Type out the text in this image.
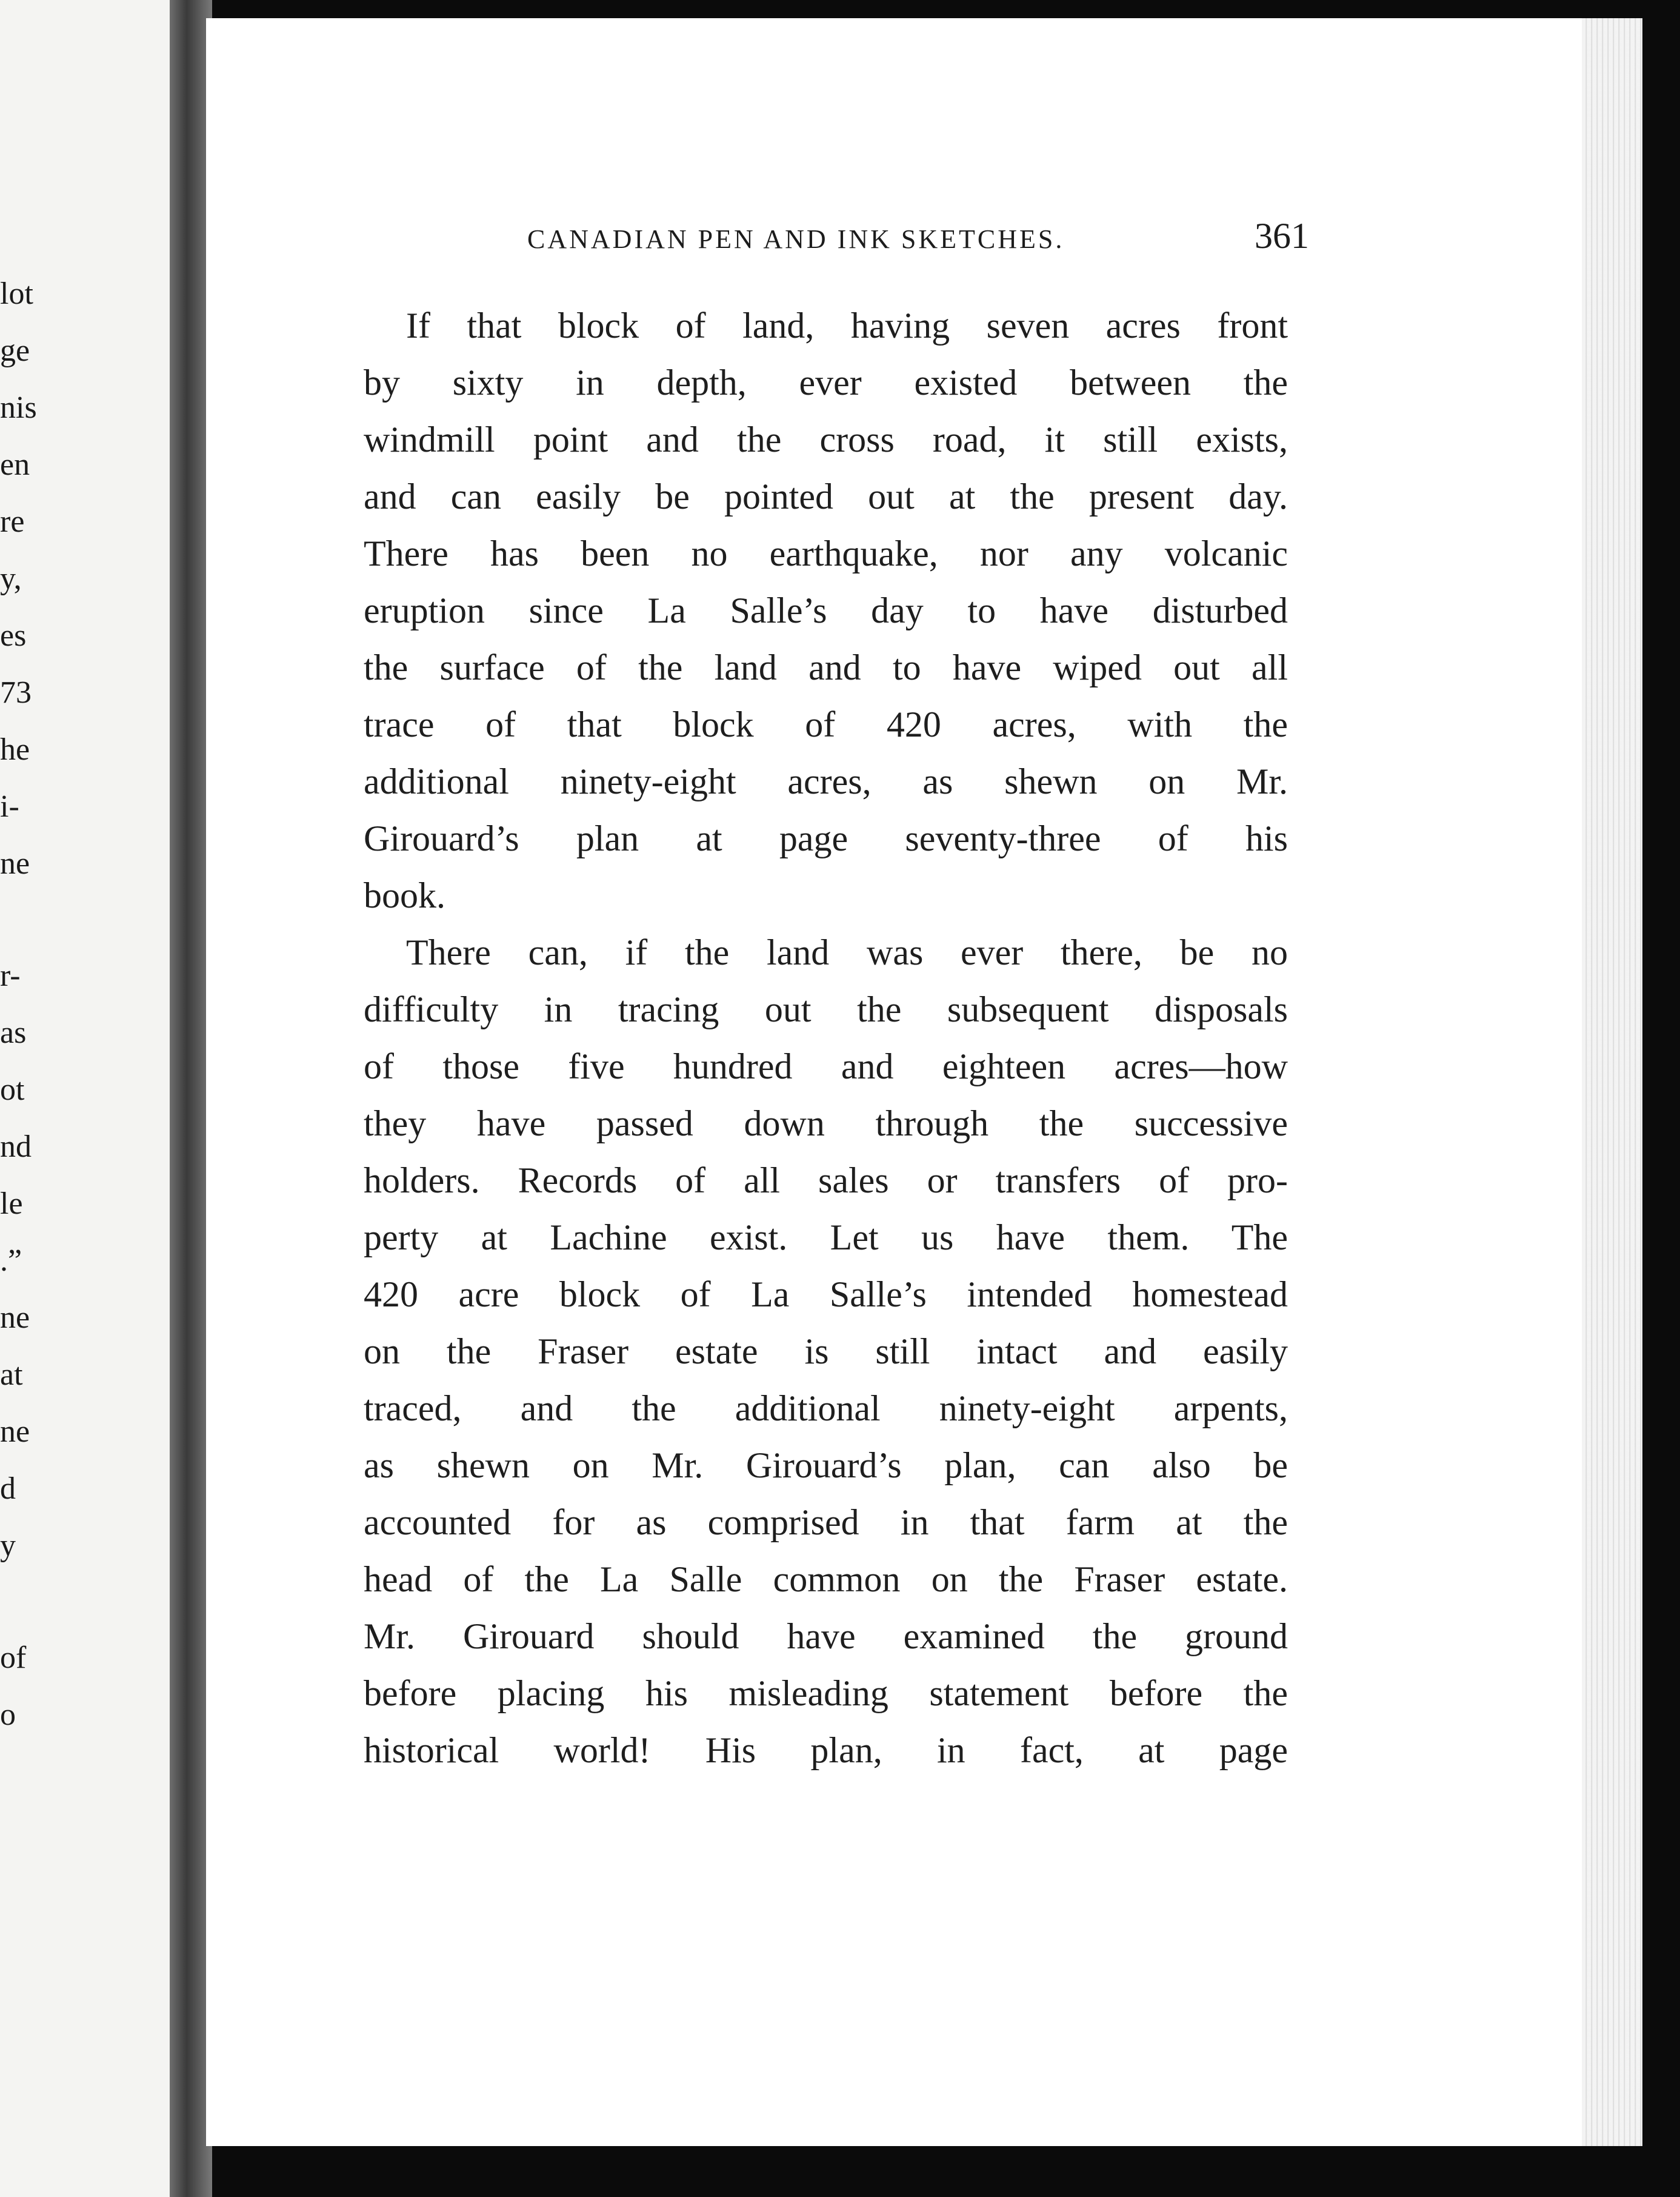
lot
ge
nis
en
re
y,
es
73
he
i-
ne
r-
as
ot
nd
le
.”
ne
at
ne
d
y
of
o
CANADIAN PEN AND INK SKETCHES.	361

If that block of land, having seven acres front
by sixty in depth, ever existed between the
windmill point and the cross road, it still exists,
and can easily be pointed out at the present day.
There has been no earthquake, nor any volcanic
eruption since La Salle’s day to have disturbed
the surface of the land and to have wiped out all
trace of that block of 420 acres, with the
additional ninety-eight acres, as shewn on Mr.
Girouard’s plan at page seventy-three of his
book.

There can, if the land was ever there, be no
difficulty in tracing out the subsequent disposals
of those five hundred and eighteen acres—how
they have passed down through the successive
holders. Records of all sales or transfers of pro-
perty at Lachine exist. Let us have them. The
420 acre block of La Salle’s intended homestead
on the Fraser estate is still intact and easily
traced, and the additional ninety-eight arpents,
as shewn on Mr. Girouard’s plan, can also be
accounted for as comprised in that farm at the
head of the La Salle common on the Fraser estate.
Mr. Girouard should have examined the ground
before placing his misleading statement before the
historical world! His plan, in fact, at page
